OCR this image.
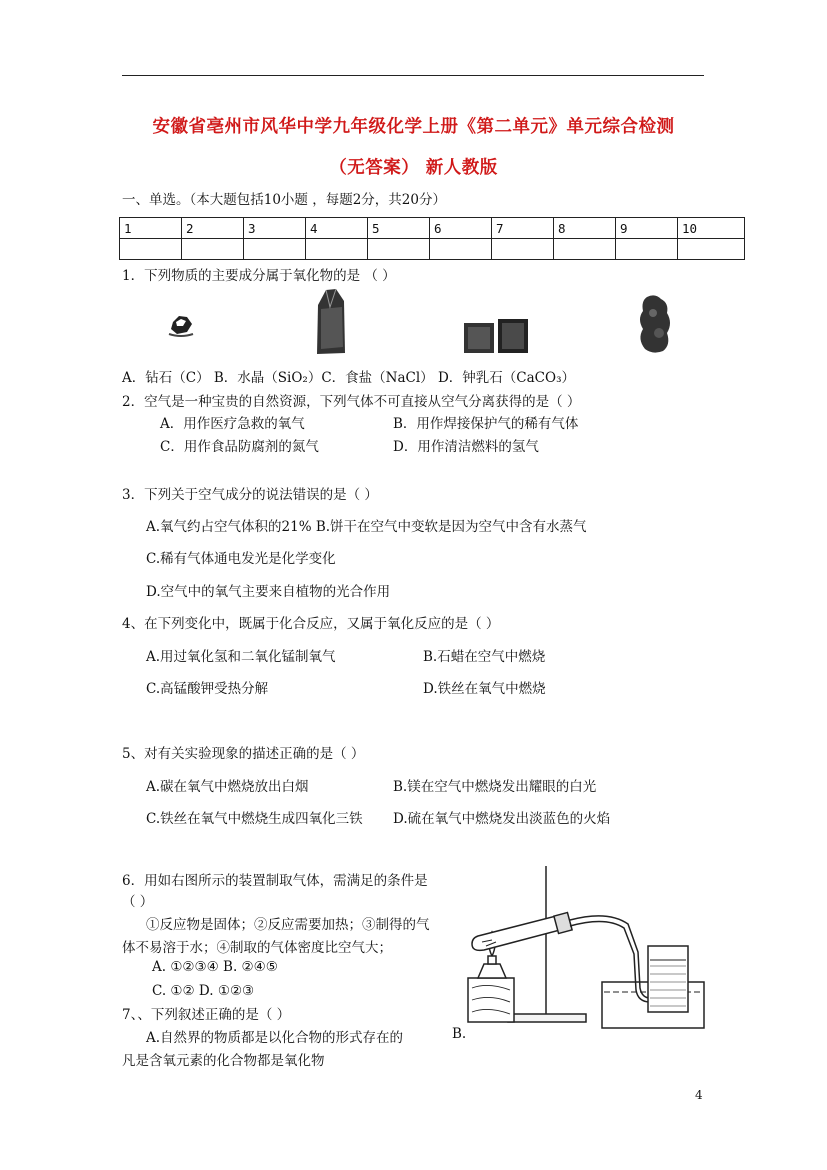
安徽省亳州市风华中学九年级化学上册《第二单元》单元综合检测
（无答案） 新人教版
一、单选。（本大题包括10小题 ，每题2分，共20分）
1	2	3	4	5	6	7	8	9	10

1．下列物质的主要成分属于氧化物的是 （ ）
A．钻石（C） B．水晶（SiO₂）C．食盐（NaCl） D．钟乳石（CaCO₃）
2．空气是一种宝贵的自然资源，下列气体不可直接从空气分离获得的是（ ）
A．用作医疗急救的氧气	B．用作焊接保护气的稀有气体
C．用作食品防腐剂的氮气	D．用作清洁燃料的氢气
3．下列关于空气成分的说法错误的是（ ）
A.氧气约占空气体积的21% B.饼干在空气中变软是因为空气中含有水蒸气
C.稀有气体通电发光是化学变化
D.空气中的氧气主要来自植物的光合作用
4、在下列变化中，既属于化合反应，又属于氧化反应的是（ ）
A.用过氧化氢和二氧化锰制氧气	B.石蜡在空气中燃烧
C.高锰酸钾受热分解	D.铁丝在氧气中燃烧
5、对有关实验现象的描述正确的是（ ）
A.碳在氧气中燃烧放出白烟	B.镁在空气中燃烧发出耀眼的白光
C.铁丝在氧气中燃烧生成四氧化三铁 D.硫在氧气中燃烧发出淡蓝色的火焰
6．用如右图所示的装置制取气体，需满足的条件是
（ ）
①反应物是固体；②反应需要加热；③制得的气
体不易溶于水；④制取的气体密度比空气大；
A. ①②③④ B. ②④⑤
C. ①② D. ①②③
7、、下列叙述正确的是（ ）
A.自然界的物质都是以化合物的形式存在的	B.
凡是含氧元素的化合物都是氧化物
4
